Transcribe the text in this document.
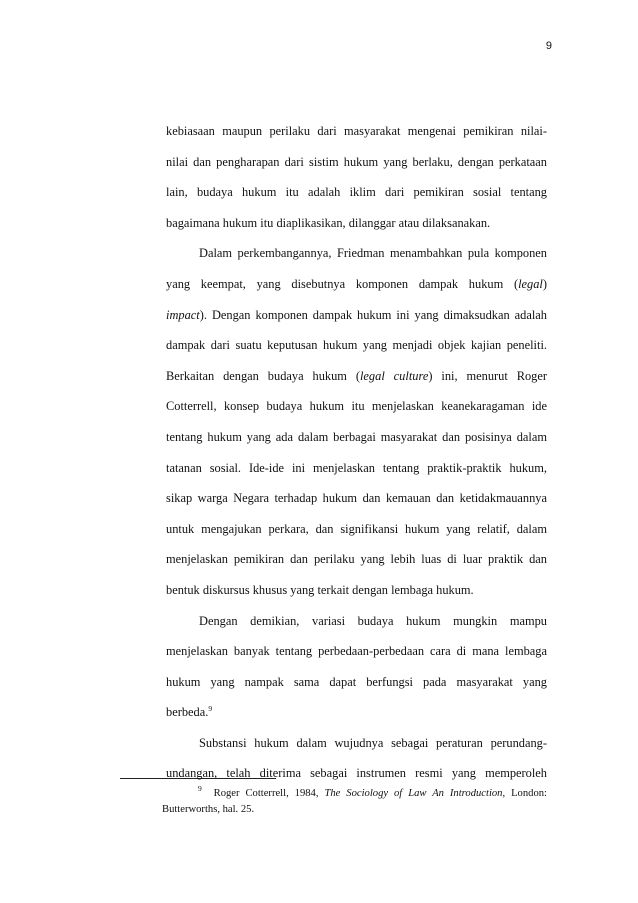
9
kebiasaan maupun perilaku dari masyarakat mengenai pemikiran nilai-
nilai dan pengharapan dari sistim hukum yang berlaku, dengan perkataan
lain, budaya hukum itu adalah iklim dari pemikiran sosial tentang
bagaimana hukum itu diaplikasikan, dilanggar atau dilaksanakan.
Dalam perkembangannya, Friedman menambahkan pula komponen
yang keempat, yang disebutnya komponen dampak hukum (legal)
impact). Dengan komponen dampak hukum ini yang dimaksudkan adalah
dampak dari suatu keputusan hukum yang menjadi objek kajian peneliti.
Berkaitan dengan budaya hukum (legal culture) ini, menurut Roger
Cotterrell, konsep budaya hukum itu menjelaskan keanekaragaman ide
tentang hukum yang ada dalam berbagai masyarakat dan posisinya dalam
tatanan sosial. Ide-ide ini menjelaskan tentang praktik-praktik hukum,
sikap warga Negara terhadap hukum dan kemauan dan ketidakmauannya
untuk mengajukan perkara, dan signifikansi hukum yang relatif, dalam
menjelaskan pemikiran dan perilaku yang lebih luas di luar praktik dan
bentuk diskursus khusus yang terkait dengan lembaga hukum.
Dengan demikian, variasi budaya hukum mungkin mampu
menjelaskan banyak tentang perbedaan-perbedaan cara di mana lembaga
hukum yang nampak sama dapat berfungsi pada masyarakat yang
berbeda.$^9$
Substansi hukum dalam wujudnya sebagai peraturan perundang-
undangan, telah diterima sebagai instrumen resmi yang memperoleh
$^9$ Roger Cotterrell, 1984, The Sociology of Law An Introduction, London:
Butterworths, hal. 25.
